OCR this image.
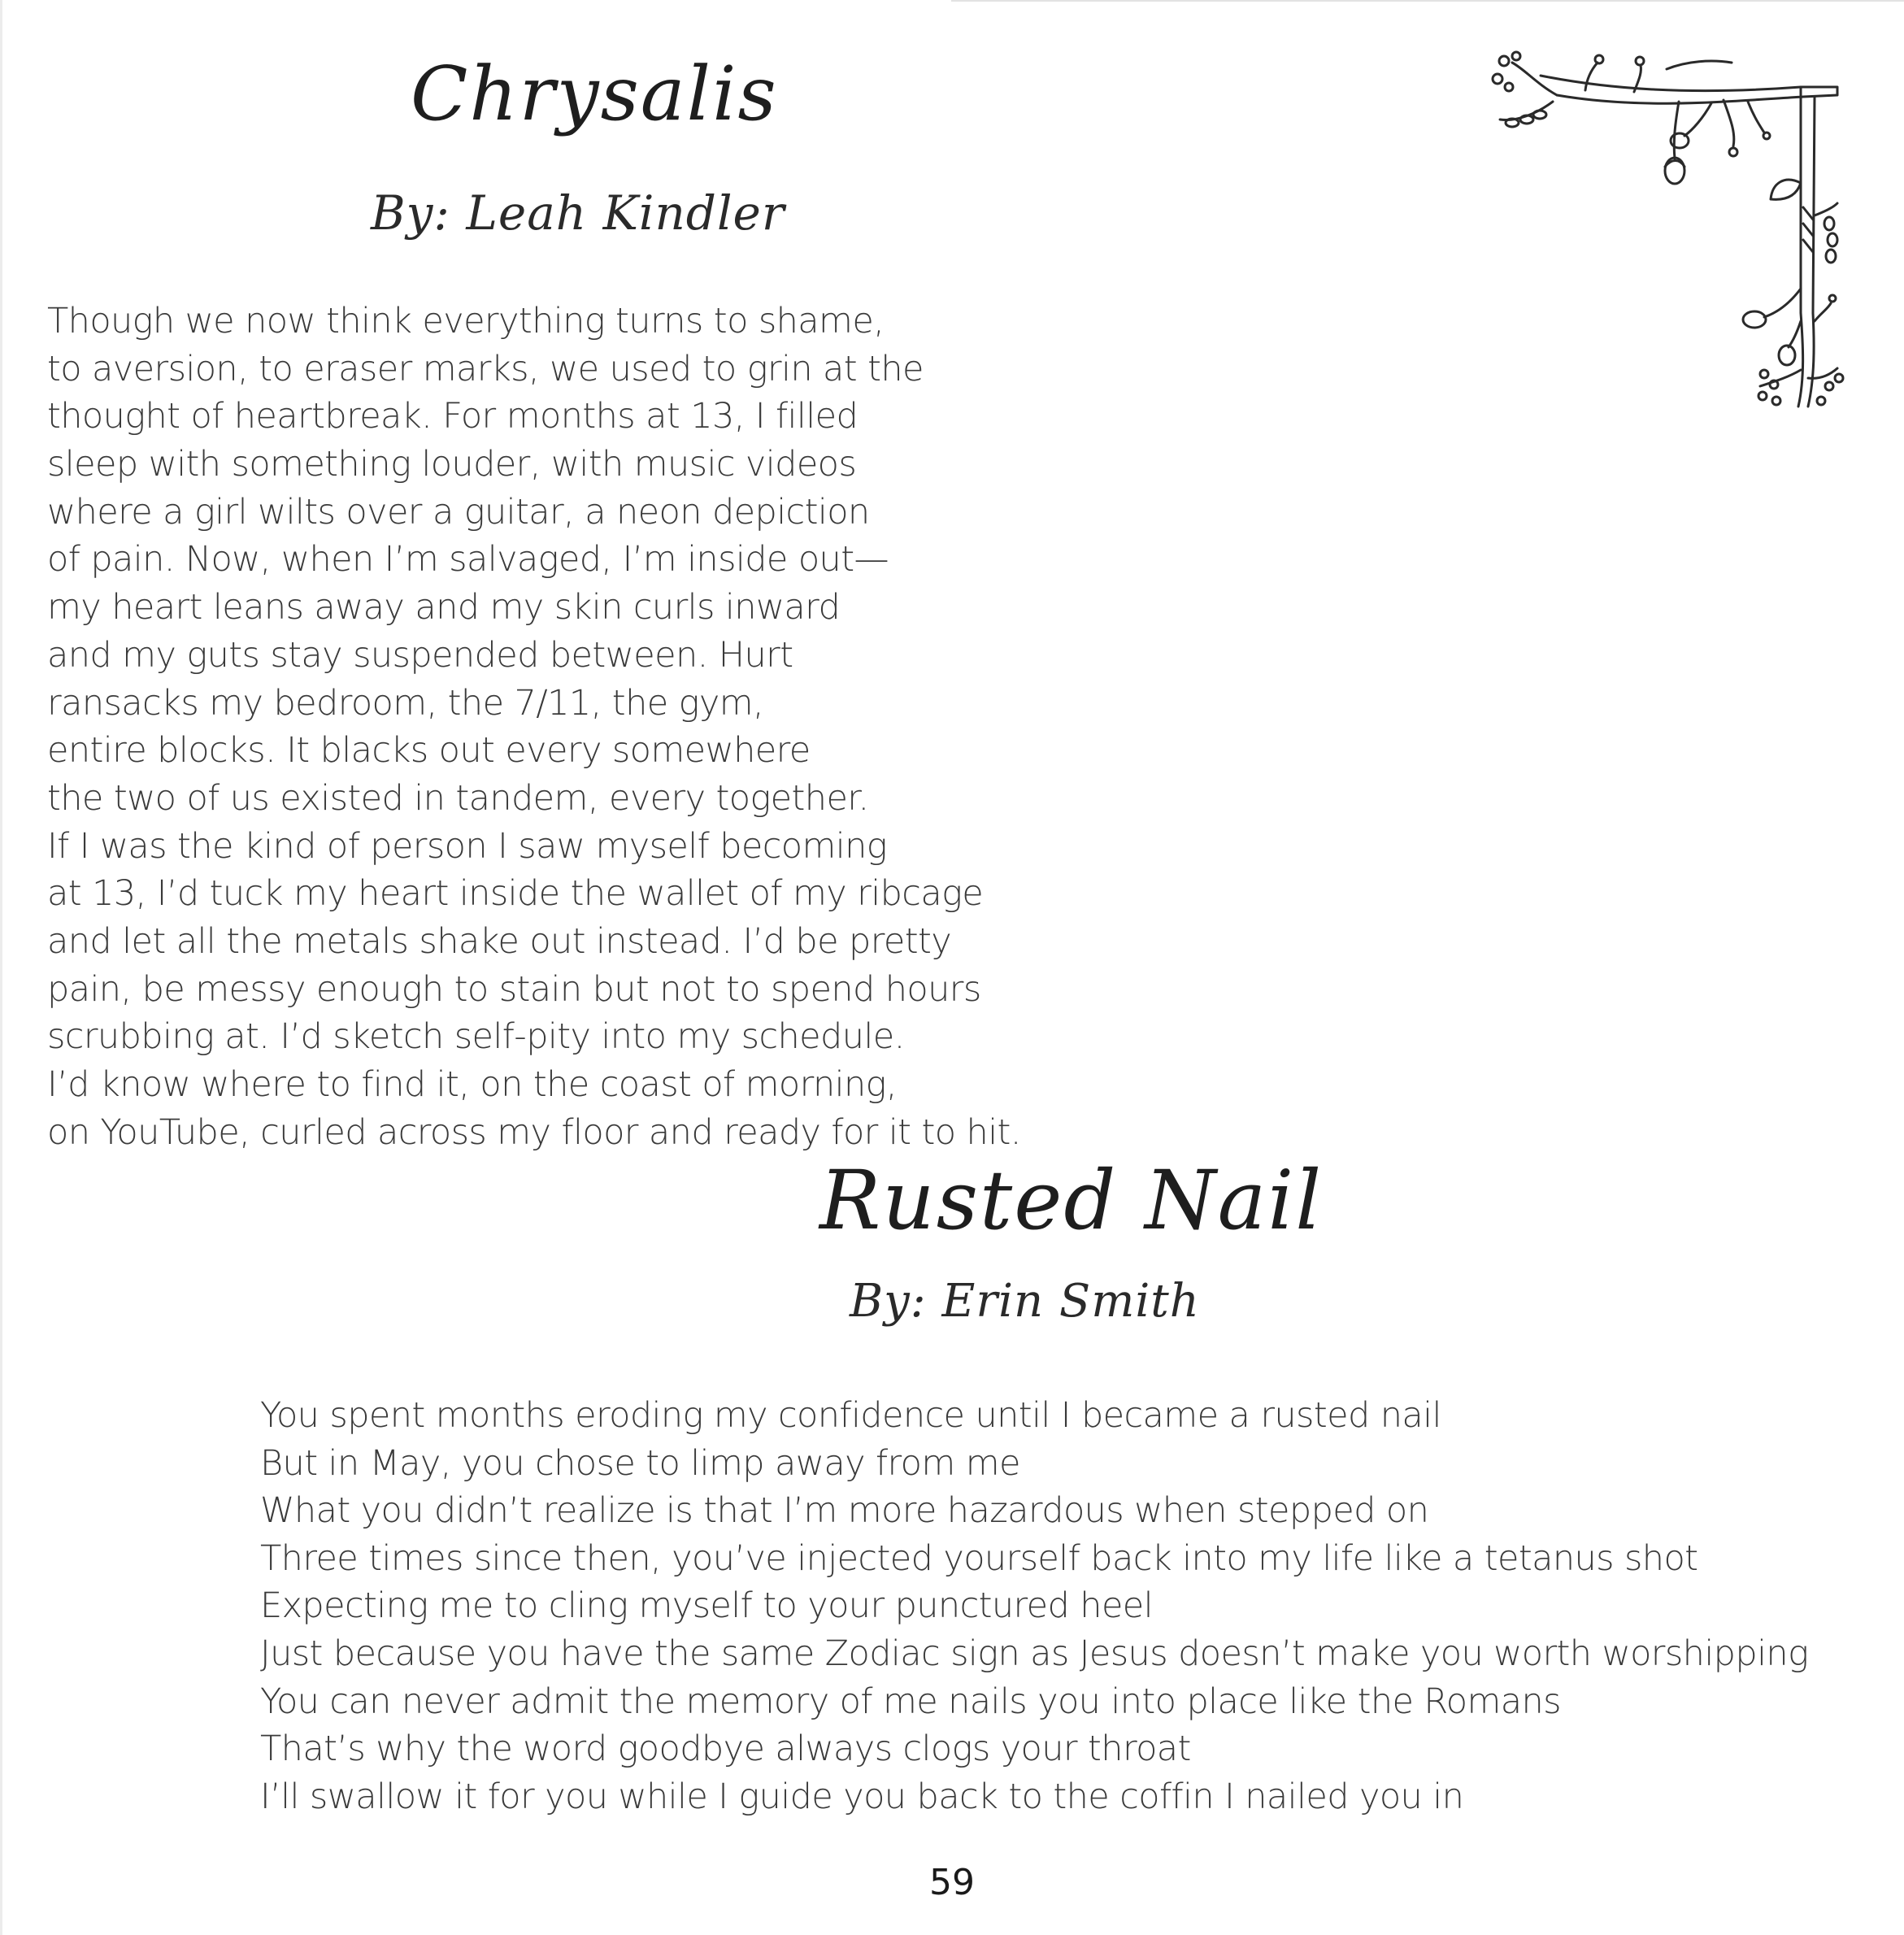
Chrysalis
By: Leah Kindler
Though we now think everything turns to shame,
to aversion, to eraser marks, we used to grin at the
thought of heartbreak. For months at 13, I filled
sleep with something louder, with music videos
where a girl wilts over a guitar, a neon depiction
of pain. Now, when I’m salvaged, I’m inside out—
my heart leans away and my skin curls inward
and my guts stay suspended between. Hurt
ransacks my bedroom, the 7/11, the gym,
entire blocks. It blacks out every somewhere
the two of us existed in tandem, every together.
If I was the kind of person I saw myself becoming
at 13, I’d tuck my heart inside the wallet of my ribcage
and let all the metals shake out instead. I’d be pretty
pain, be messy enough to stain but not to spend hours
scrubbing at. I’d sketch self-pity into my schedule.
I’d know where to find it, on the coast of morning,
on YouTube, curled across my floor and ready for it to hit.
Rusted Nail
By: Erin Smith
You spent months eroding my confidence until I became a rusted nail
But in May, you chose to limp away from me
What you didn’t realize is that I’m more hazardous when stepped on
Three times since then, you’ve injected yourself back into my life like a tetanus shot
Expecting me to cling myself to your punctured heel
Just because you have the same Zodiac sign as Jesus doesn’t make you worth worshipping
You can never admit the memory of me nails you into place like the Romans
That’s why the word goodbye always clogs your throat
I’ll swallow it for you while I guide you back to the coffin I nailed you in
59
